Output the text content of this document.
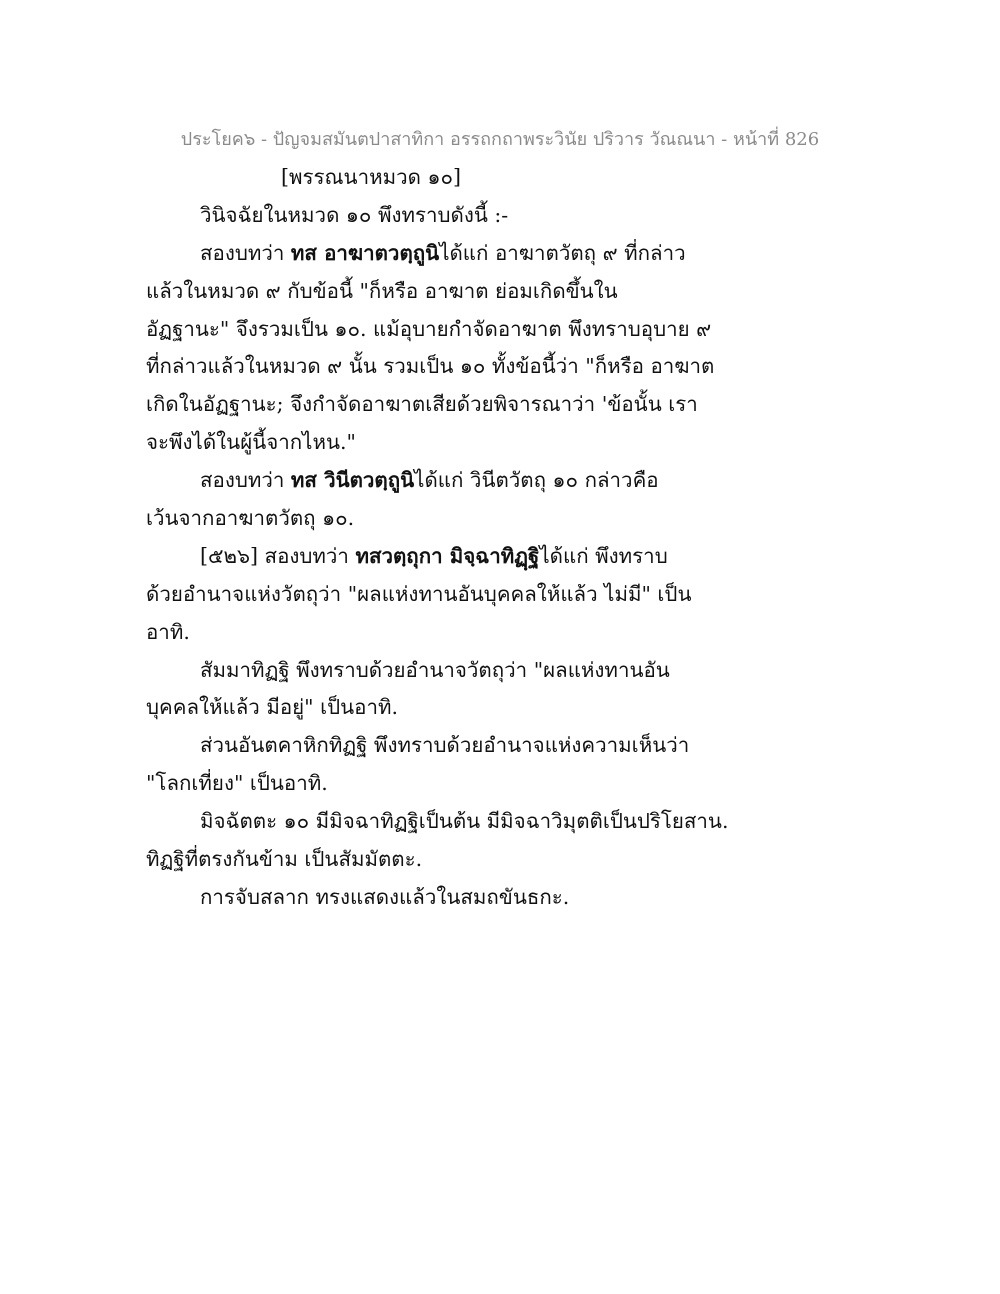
ประโยค๖ - ปัญจมสมันตปาสาทิกา อรรถกถาพระวินัย ปริวาร วัณณนา - หน้าที่ 826
[พรรณนาหมวด ๑๐]
วินิจฉัยในหมวด ๑๐ พึงทราบดังนี้ :-
สองบทว่า ทส อาฆาตวตฺถูนิได้แก่ อาฆาตวัตถุ ๙ ที่กล่าว
แล้วในหมวด ๙ กับข้อนี้ "ก็หรือ อาฆาต ย่อมเกิดขึ้นใน
อัฏฐานะ" จึงรวมเป็น ๑๐. แม้อุบายกำจัดอาฆาต พึงทราบอุบาย ๙
ที่กล่าวแล้วในหมวด ๙ นั้น รวมเป็น ๑๐ ทั้งข้อนี้ว่า "ก็หรือ อาฆาต
เกิดในอัฏฐานะ; จึงกำจัดอาฆาตเสียด้วยพิจารณาว่า 'ข้อนั้น เรา
จะพึงได้ในผู้นี้จากไหน."
สองบทว่า ทส วินีตวตฺถูนิได้แก่ วินีตวัตถุ ๑๐ กล่าวคือ
เว้นจากอาฆาตวัตถุ ๑๐.
[๕๒๖] สองบทว่า ทสวตฺถุกา มิจฺฉาทิฏฺฐิได้แก่ พึงทราบ
ด้วยอำนาจแห่งวัตถุว่า "ผลแห่งทานอันบุคคลให้แล้ว ไม่มี" เป็น
อาทิ.
สัมมาทิฏฐิ พึงทราบด้วยอำนาจวัตถุว่า "ผลแห่งทานอัน
บุคคลให้แล้ว มีอยู่" เป็นอาทิ.
ส่วนอันตคาหิกทิฏฐิ พึงทราบด้วยอำนาจแห่งความเห็นว่า
"โลกเที่ยง" เป็นอาทิ.
มิจฉัตตะ ๑๐ มีมิจฉาทิฏฐิเป็นต้น มีมิจฉาวิมุตติเป็นปริโยสาน.
ทิฏฐิที่ตรงกันข้าม เป็นสัมมัตตะ.
การจับสลาก ทรงแสดงแล้วในสมถขันธกะ.
